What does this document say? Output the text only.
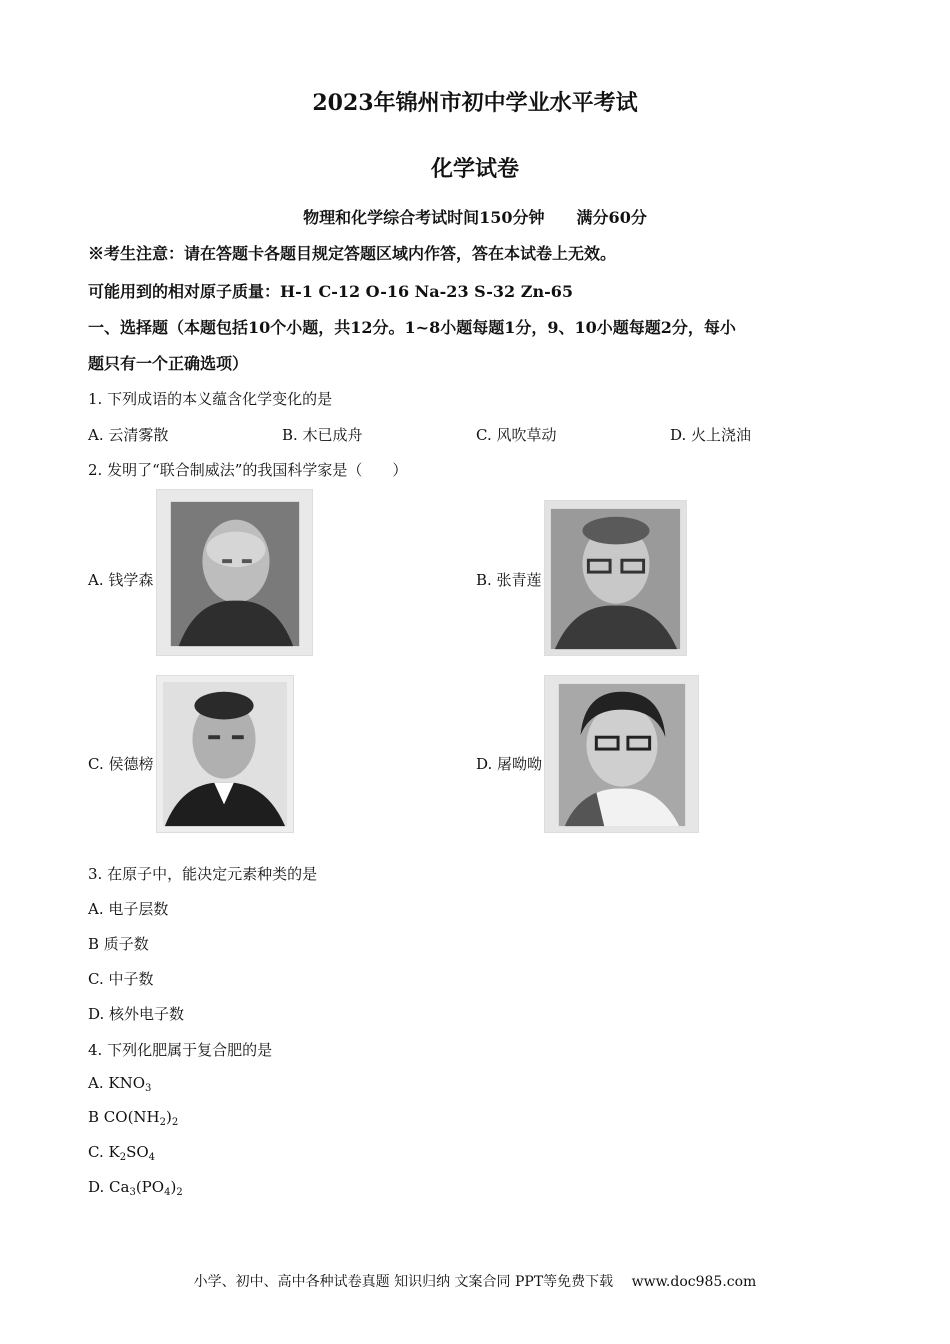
2023年锦州市初中学业水平考试
化学试卷
物理和化学综合考试时间150分钟　　满分60分
※考生注意：请在答题卡各题目规定答题区域内作答，答在本试卷上无效。
可能用到的相对原子质量：H-1 C-12 O-16 Na-23 S-32 Zn-65
一、选择题（本题包括10个小题，共12分。1~8小题每题1分，9、10小题每题2分，每小
题只有一个正确选项）
1. 下列成语的本义蕴含化学变化的是
A. 云清雾散	B. 木已成舟	C. 风吹草动	D. 火上浇油
2. 发明了“联合制威法”的我国科学家是（　　）
A. 钱学森	B. 张青莲
C. 侯德榜	D. 屠呦呦
3. 在原子中，能决定元素种类的是
A. 电子层数
B 质子数
C. 中子数
D. 核外电子数
4. 下列化肥属于复合肥的是
A. $KNO_3$
B $CO(NH_2)_2$
C. $K_2SO_4$
D. $Ca_3(PO_4)_2$
小学、初中、高中各种试卷真题 知识归纳 文案合同 PPT等免费下载　 www.doc985.com
